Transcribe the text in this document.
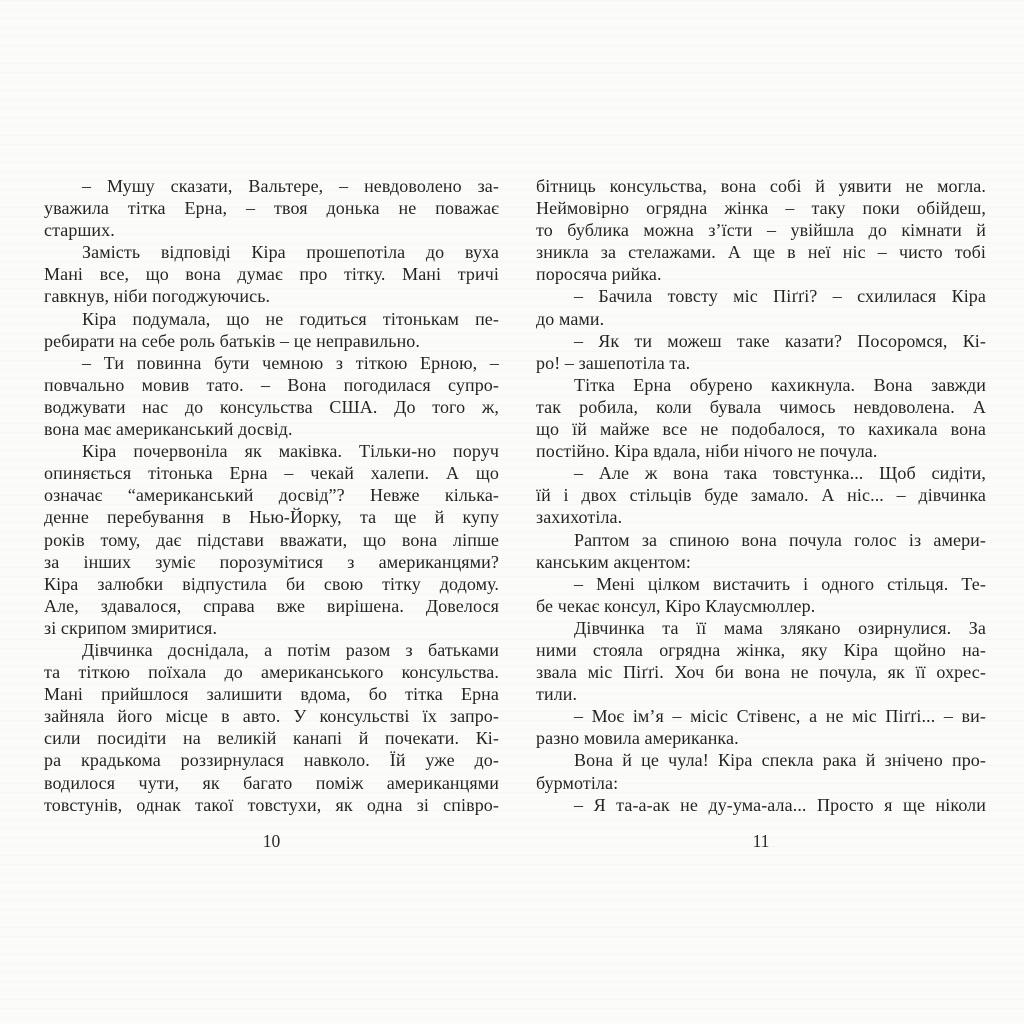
– Мушу сказати, Вальтере, – невдоволено за-
уважила тітка Ерна, – твоя донька не поважає
старших.
Замість відповіді Кіра прошепотіла до вуха
Мані все, що вона думає про тітку. Мані тричі
гавкнув, ніби погоджуючись.
Кіра подумала, що не годиться тітонькам пе-
ребирати на себе роль батьків – це неправильно.
– Ти повинна бути чемною з тіткою Ерною, –
повчально мовив тато. – Вона погодилася супро-
воджувати нас до консульства США. До того ж,
вона має американський досвід.
Кіра почервоніла як маківка. Тільки-но поруч
опиняється тітонька Ерна – чекай халепи. А що
означає “американський досвід”? Невже кілька-
денне перебування в Нью-Йорку, та ще й купу
років тому, дає підстави вважати, що вона ліпше
за інших зуміє порозумітися з американцями?
Кіра залюбки відпустила би свою тітку додому.
Але, здавалося, справа вже вирішена. Довелося
зі скрипом змиритися.
Дівчинка доснідала, а потім разом з батьками
та тіткою поїхала до американського консульства.
Мані прийшлося залишити вдома, бо тітка Ерна
зайняла його місце в авто. У консульстві їх запро-
сили посидіти на великій канапі й почекати. Кі-
ра крадькома роззирнулася навколо. Їй уже до-
водилося чути, як багато поміж американцями
товстунів, однак такої товстухи, як одна зі співро-
10
бітниць консульства, вона собі й уявити не могла.
Неймовірно огрядна жінка – таку поки обійдеш,
то бублика можна з’їсти – увійшла до кімнати й
зникла за стелажами. А ще в неї ніс – чисто тобі
поросяча рийка.
– Бачила товсту міс Піґґі? – схилилася Кіра
до мами.
– Як ти можеш таке казати? Посоромся, Кі-
ро! – зашепотіла та.
Тітка Ерна обурено кахикнула. Вона завжди
так робила, коли бувала чимось невдоволена. А
що їй майже все не подобалося, то кахикала вона
постійно. Кіра вдала, ніби нічого не почула.
– Але ж вона така товстунка... Щоб сидіти,
їй і двох стільців буде замало. А ніс... – дівчинка
захихотіла.
Раптом за спиною вона почула голос із амери-
канським акцентом:
– Мені цілком вистачить і одного стільця. Те-
бе чекає консул, Кіро Клаусмюллер.
Дівчинка та її мама злякано озирнулися. За
ними стояла огрядна жінка, яку Кіра щойно на-
звала міс Піґґі. Хоч би вона не почула, як її охрес-
тили.
– Моє ім’я – місіс Стівенс, а не міс Піґґі... – ви-
разно мовила американка.
Вона й це чула! Кіра спекла рака й знічено про-
бурмотіла:
– Я та-а-ак не ду-ума-ала... Просто я ще ніколи
11
